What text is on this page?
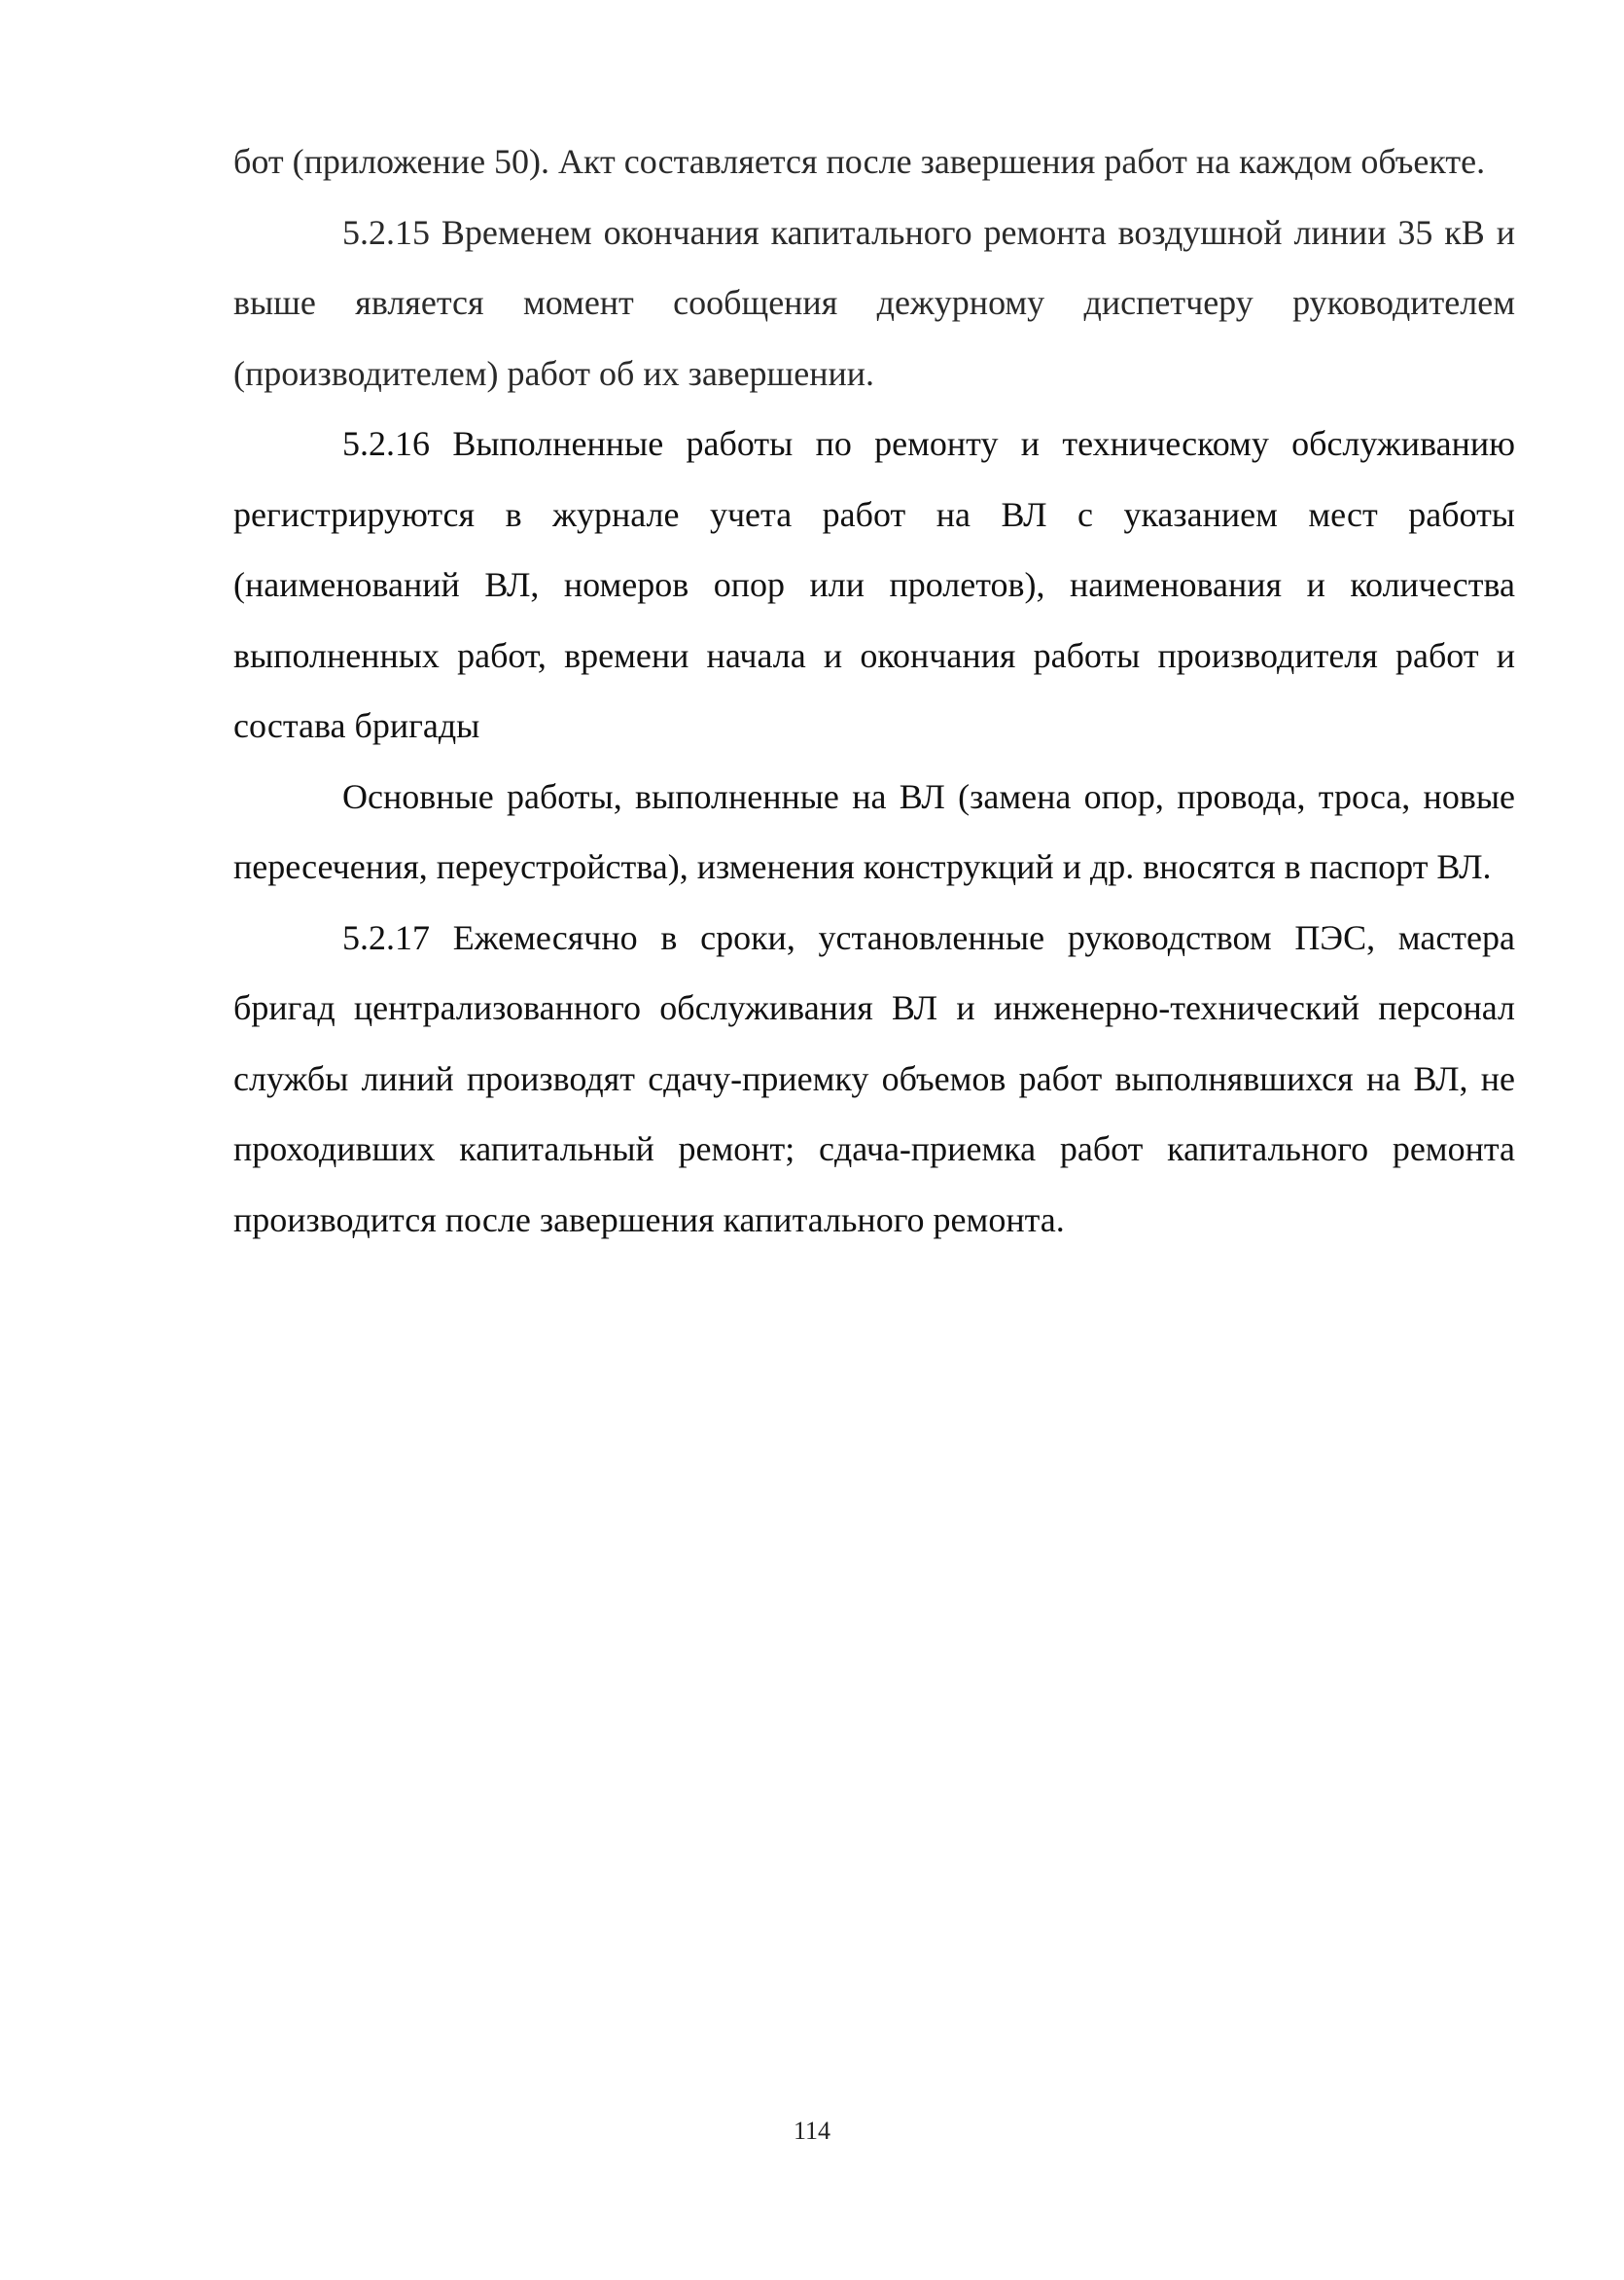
бот (приложение 50). Акт составляется после завершения работ на каждом объекте.

5.2.15 Временем окончания капитального ремонта воздушной линии 35 кВ и выше является момент сообщения дежурному диспетчеру руководителем (производителем) работ об их завершении.

5.2.16 Выполненные работы по ремонту и техническому обслуживанию регистрируются в журнале учета работ на ВЛ с указанием мест работы (наименований ВЛ, номеров опор или пролетов), наименования и количества выполненных работ, времени начала и окончания работы производителя работ и состава бригады

Основные работы, выполненные на ВЛ (замена опор, провода, троса, новые пересечения, переустройства), изменения конструкций и др. вносятся в паспорт ВЛ.

5.2.17 Ежемесячно в сроки, установленные руководством ПЭС, мастера бригад централизованного обслуживания ВЛ и инженерно-технический персонал службы линий производят сдачу-приемку объемов работ выполнявшихся на ВЛ, не проходивших капитальный ремонт; сдача-приемка работ капитального ремонта производится после завершения капитального ремонта.

114
